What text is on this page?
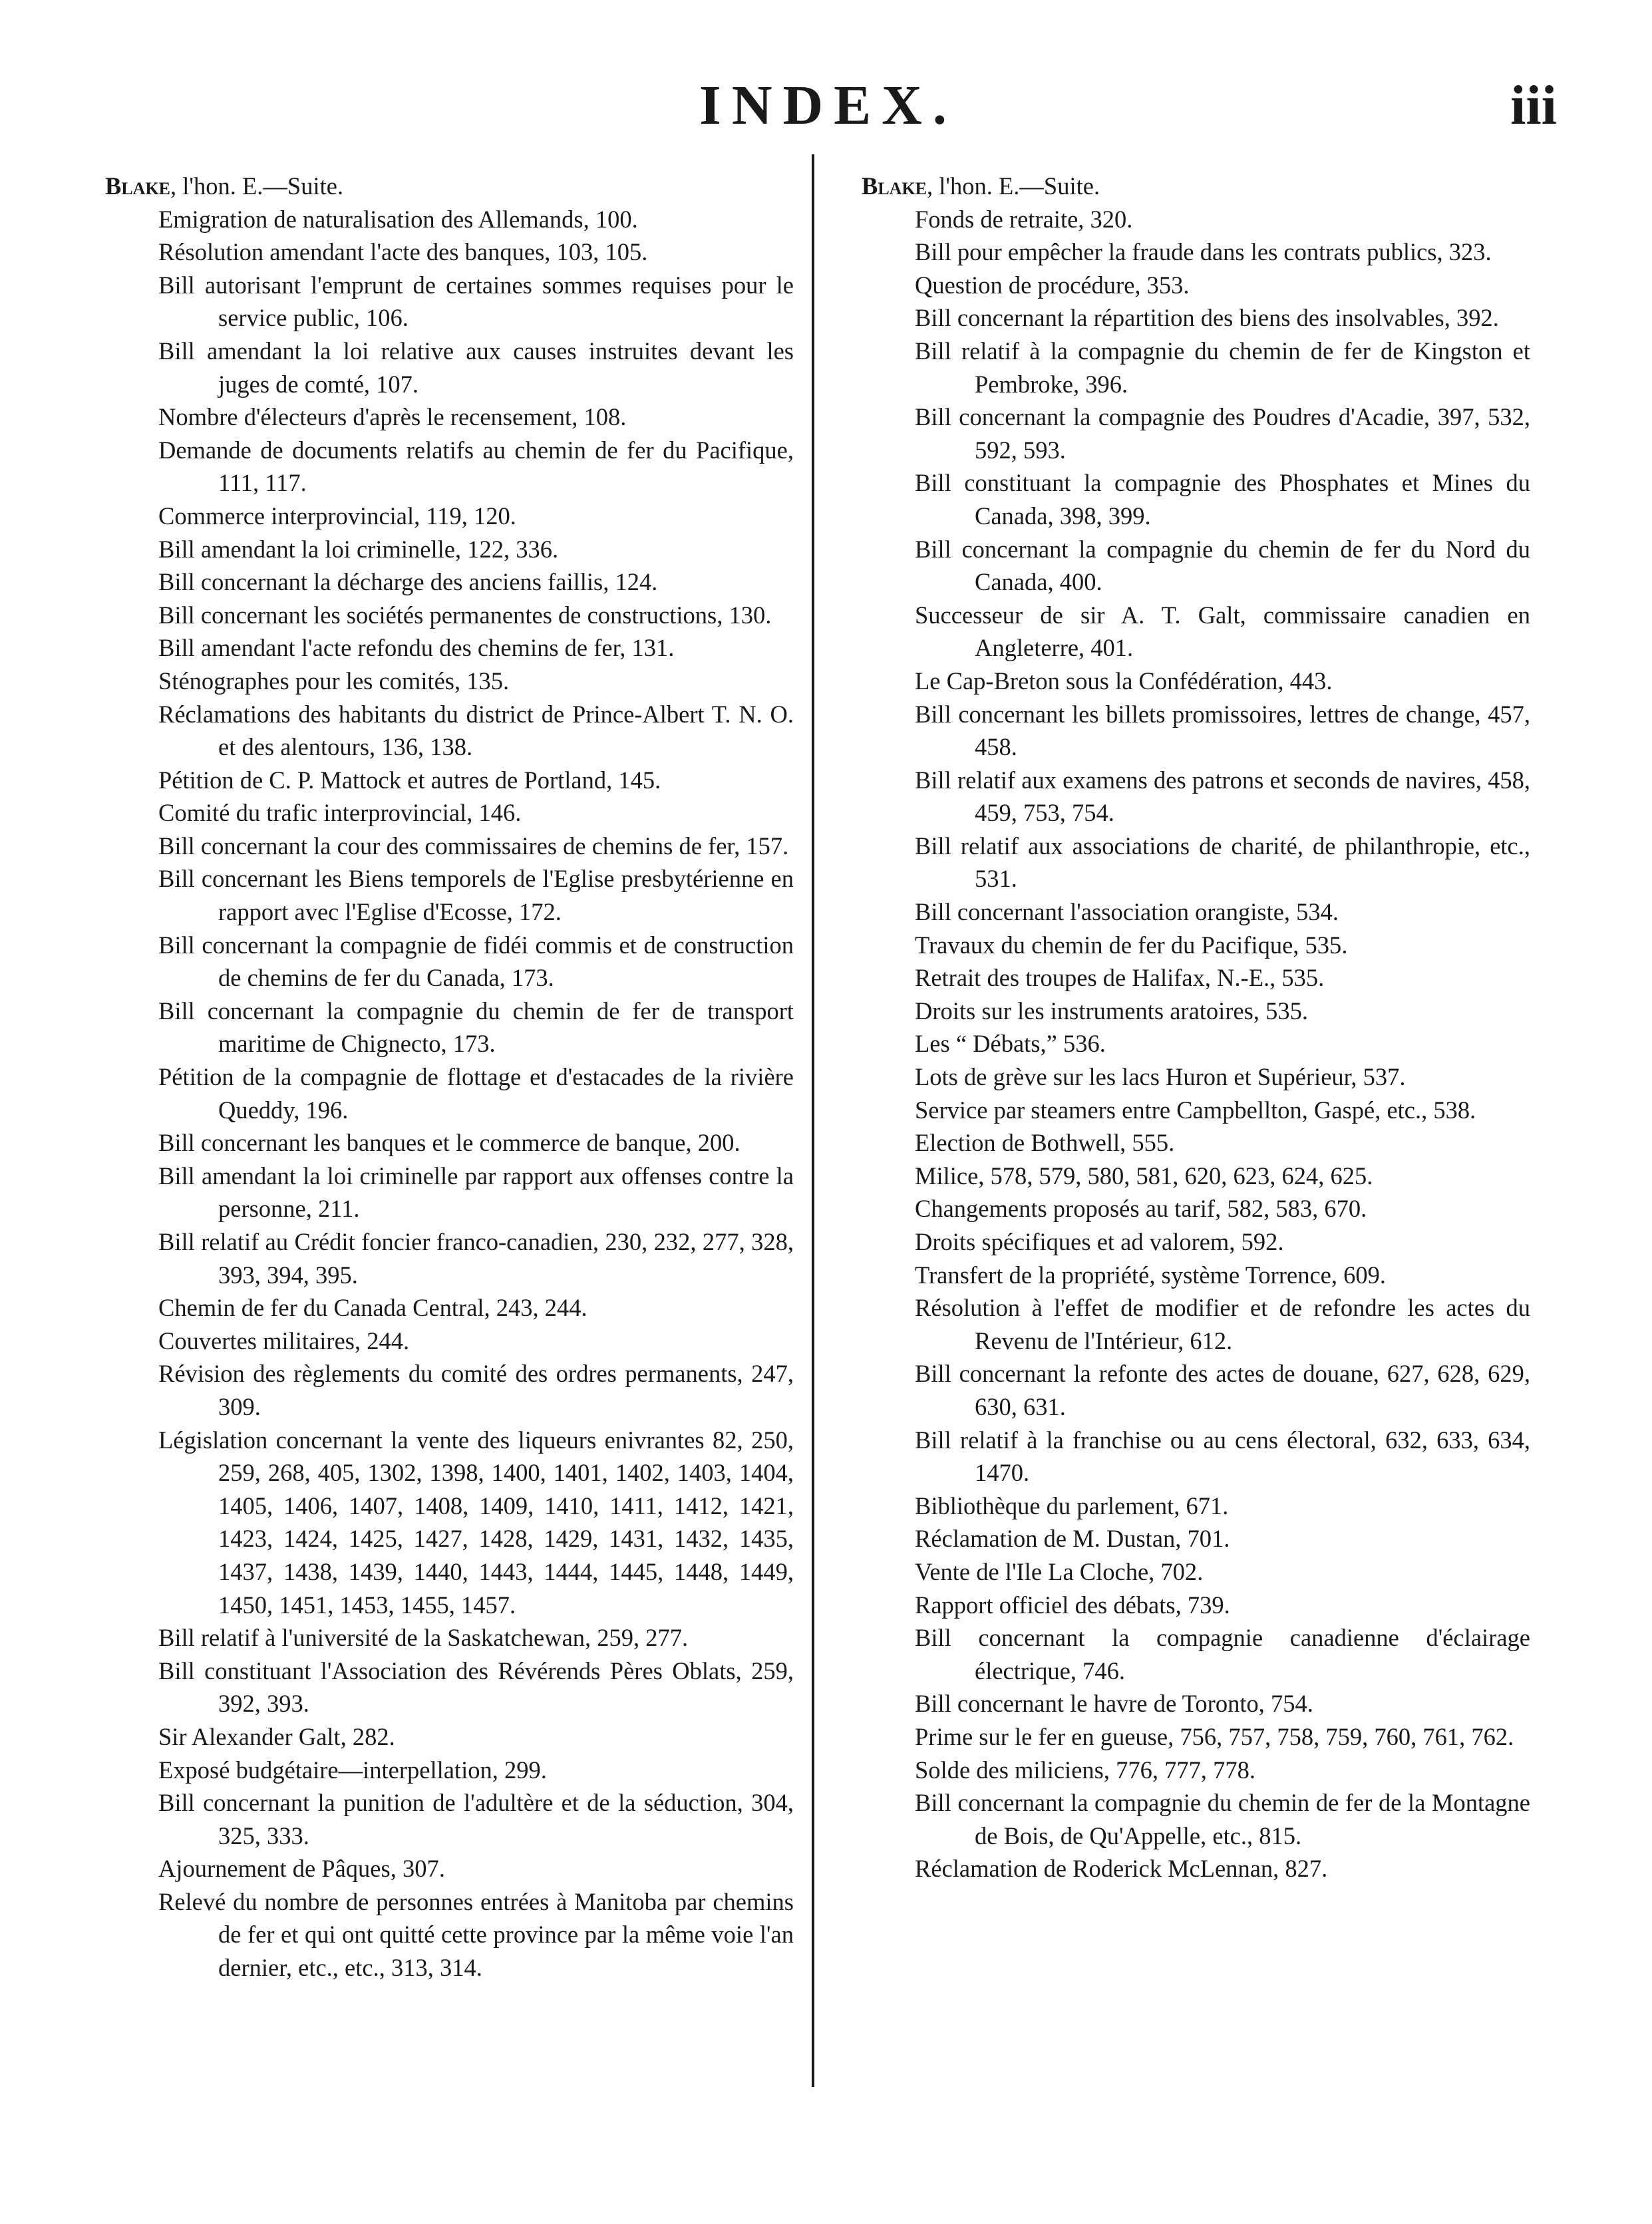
INDEX.	iii

Blake, l'hon. E.—Suite.

Emigration de naturalisation des Allemands, 100.
Résolution amendant l'acte des banques, 103, 105.
Bill autorisant l'emprunt de certaines sommes requises pour le service public, 106.
Bill amendant la loi relative aux causes instruites devant les juges de comté, 107.
Nombre d'électeurs d'après le recensement, 108.
Demande de documents relatifs au chemin de fer du Pacifique, 111, 117.
Commerce interprovincial, 119, 120.
Bill amendant la loi criminelle, 122, 336.
Bill concernant la décharge des anciens faillis, 124.
Bill concernant les sociétés permanentes de constructions, 130.
Bill amendant l'acte refondu des chemins de fer, 131.
Sténographes pour les comités, 135.
Réclamations des habitants du district de Prince-Albert T. N. O. et des alentours, 136, 138.
Pétition de C. P. Mattock et autres de Portland, 145.
Comité du trafic interprovincial, 146.
Bill concernant la cour des commissaires de chemins de fer, 157.
Bill concernant les Biens temporels de l'Eglise presbytérienne en rapport avec l'Eglise d'Ecosse, 172.
Bill concernant la compagnie de fidéi commis et de construction de chemins de fer du Canada, 173.
Bill concernant la compagnie du chemin de fer de transport maritime de Chignecto, 173.
Pétition de la compagnie de flottage et d'estacades de la rivière Queddy, 196.
Bill concernant les banques et le commerce de banque, 200.
Bill amendant la loi criminelle par rapport aux offenses contre la personne, 211.
Bill relatif au Crédit foncier franco-canadien, 230, 232, 277, 328, 393, 394, 395.
Chemin de fer du Canada Central, 243, 244.
Couvertes militaires, 244.
Révision des règlements du comité des ordres permanents, 247, 309.
Législation concernant la vente des liqueurs enivrantes 82, 250, 259, 268, 405, 1302, 1398, 1400, 1401, 1402, 1403, 1404, 1405, 1406, 1407, 1408, 1409, 1410, 1411, 1412, 1421, 1423, 1424, 1425, 1427, 1428, 1429, 1431, 1432, 1435, 1437, 1438, 1439, 1440, 1443, 1444, 1445, 1448, 1449, 1450, 1451, 1453, 1455, 1457.
Bill relatif à l'université de la Saskatchewan, 259, 277.
Bill constituant l'Association des Révérends Pères Oblats, 259, 392, 393.
Sir Alexander Galt, 282.
Exposé budgétaire—interpellation, 299.
Bill concernant la punition de l'adultère et de la séduction, 304, 325, 333.
Ajournement de Pâques, 307.
Relevé du nombre de personnes entrées à Manitoba par chemins de fer et qui ont quitté cette province par la même voie l'an dernier, etc., etc., 313, 314.

Blake, l'hon. E.—Suite.

Fonds de retraite, 320.
Bill pour empêcher la fraude dans les contrats publics, 323.
Question de procédure, 353.
Bill concernant la répartition des biens des insolvables, 392.
Bill relatif à la compagnie du chemin de fer de Kingston et Pembroke, 396.
Bill concernant la compagnie des Poudres d'Acadie, 397, 532, 592, 593.
Bill constituant la compagnie des Phosphates et Mines du Canada, 398, 399.
Bill concernant la compagnie du chemin de fer du Nord du Canada, 400.
Successeur de sir A. T. Galt, commissaire canadien en Angleterre, 401.
Le Cap-Breton sous la Confédération, 443.
Bill concernant les billets promissoires, lettres de change, 457, 458.
Bill relatif aux examens des patrons et seconds de navires, 458, 459, 753, 754.
Bill relatif aux associations de charité, de philanthropie, etc., 531.
Bill concernant l'association orangiste, 534.
Travaux du chemin de fer du Pacifique, 535.
Retrait des troupes de Halifax, N.-E., 535.
Droits sur les instruments aratoires, 535.
Les “ Débats,” 536.
Lots de grève sur les lacs Huron et Supérieur, 537.
Service par steamers entre Campbellton, Gaspé, etc., 538.
Election de Bothwell, 555.
Milice, 578, 579, 580, 581, 620, 623, 624, 625.
Changements proposés au tarif, 582, 583, 670.
Droits spécifiques et ad valorem, 592.
Transfert de la propriété, système Torrence, 609.
Résolution à l'effet de modifier et de refondre les actes du Revenu de l'Intérieur, 612.
Bill concernant la refonte des actes de douane, 627, 628, 629, 630, 631.
Bill relatif à la franchise ou au cens électoral, 632, 633, 634, 1470.
Bibliothèque du parlement, 671.
Réclamation de M. Dustan, 701.
Vente de l'Ile La Cloche, 702.
Rapport officiel des débats, 739.
Bill concernant la compagnie canadienne d'éclairage électrique, 746.
Bill concernant le havre de Toronto, 754.
Prime sur le fer en gueuse, 756, 757, 758, 759, 760, 761, 762.
Solde des miliciens, 776, 777, 778.
Bill concernant la compagnie du chemin de fer de la Montagne de Bois, de Qu'Appelle, etc., 815.
Réclamation de Roderick McLennan, 827.
